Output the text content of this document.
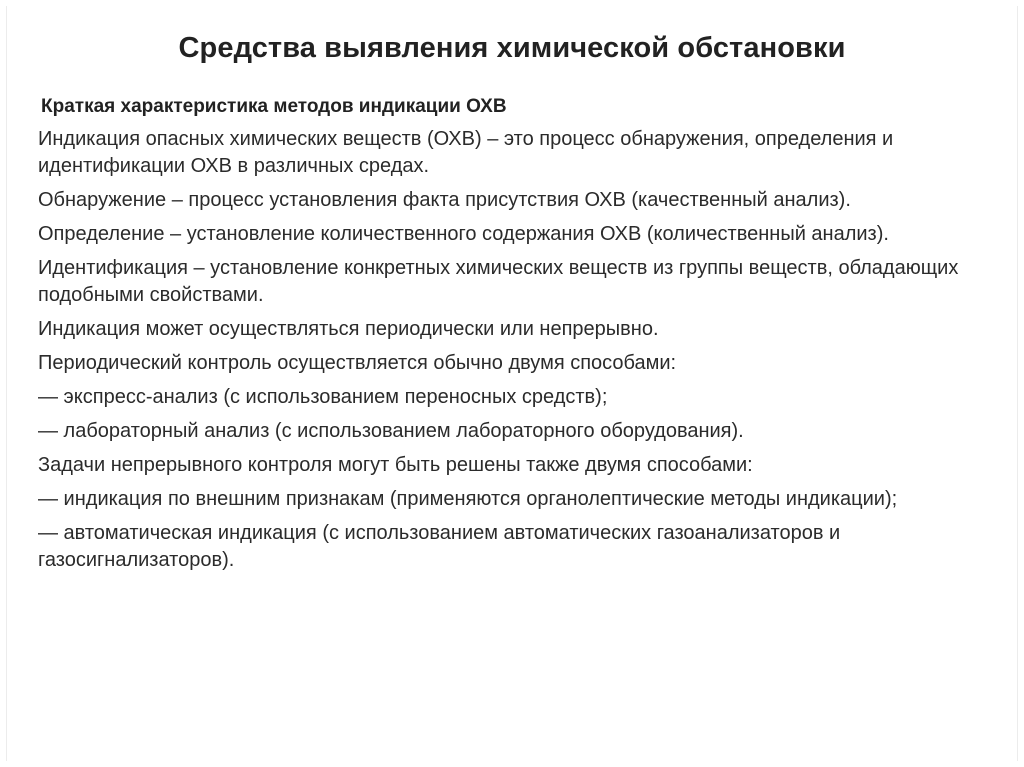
Средства выявления химической обстановки
Краткая характеристика методов индикации ОХВ

Индикация опасных химических веществ (ОХВ) – это процесс обнаружения, определения и идентификации ОХВ в различных средах.

Обнаружение – процесс установления факта присутствия ОХВ (качественный анализ).

Определение – установление количественного содержания ОХВ (количественный анализ).

Идентификация – установление конкретных химических веществ из группы веществ, обладающих подобными свойствами.

Индикация может осуществляться периодически или непрерывно.

Периодический контроль осуществляется обычно двумя способами:

— экспресс-анализ (с использованием переносных средств);

— лабораторный анализ (с использованием лабораторного оборудования).

Задачи непрерывного контроля могут быть решены также двумя способами:

— индикация по внешним признакам (применяются органолептические методы индикации);

— автоматическая индикация (с использованием автоматических газоанализаторов и газосигнализаторов).
